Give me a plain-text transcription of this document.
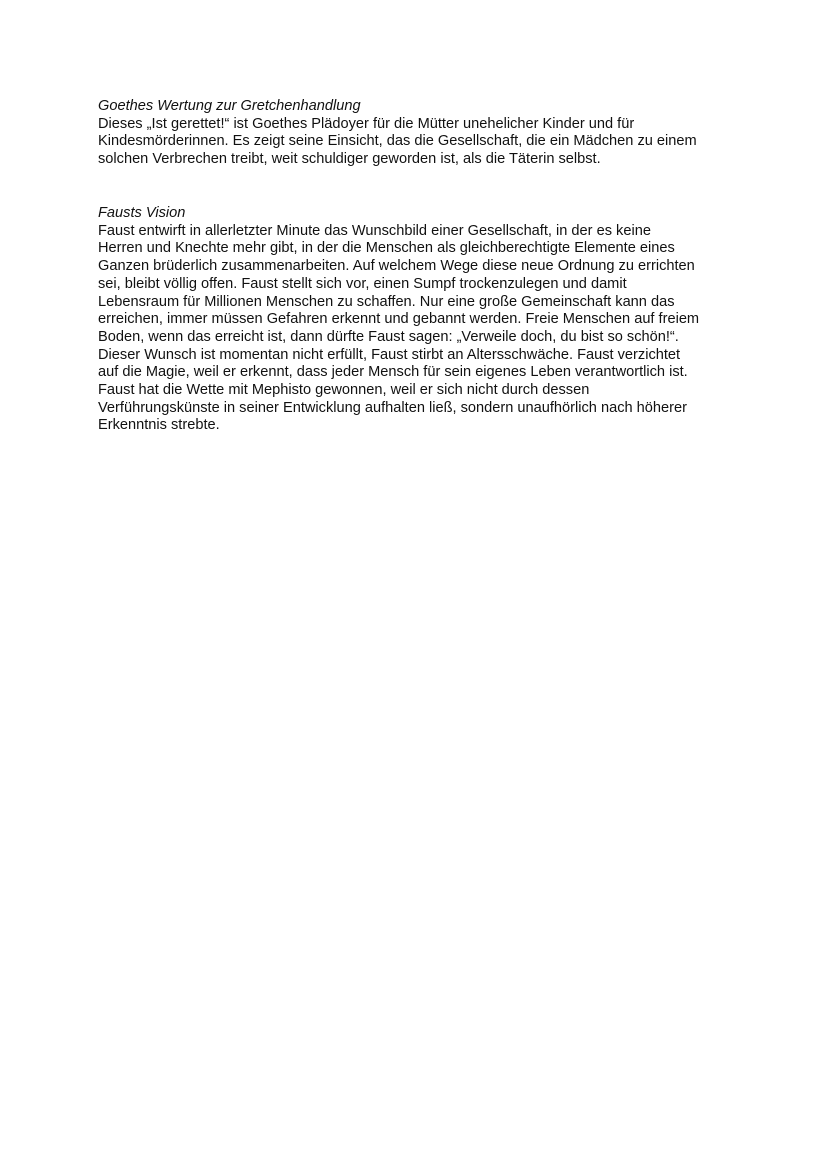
Goethes Wertung zur Gretchenhandlung
Dieses „Ist gerettet!“ ist Goethes Plädoyer für die Mütter unehelicher Kinder und für
Kindesmörderinnen. Es zeigt seine Einsicht, das die Gesellschaft, die ein Mädchen zu einem
solchen Verbrechen treibt, weit schuldiger geworden ist, als die Täterin selbst.
Fausts Vision
Faust entwirft in allerletzter Minute das Wunschbild einer Gesellschaft, in der es keine
Herren und Knechte mehr gibt, in der die Menschen als gleichberechtigte Elemente eines
Ganzen brüderlich zusammenarbeiten. Auf welchem Wege diese neue Ordnung zu errichten
sei, bleibt völlig offen. Faust stellt sich vor, einen Sumpf trockenzulegen und damit
Lebensraum für Millionen Menschen zu schaffen. Nur eine große Gemeinschaft kann das
erreichen, immer müssen Gefahren erkennt und gebannt werden. Freie Menschen auf freiem
Boden, wenn das erreicht ist, dann dürfte Faust sagen: „Verweile doch, du bist so schön!“.
Dieser Wunsch ist momentan nicht erfüllt, Faust stirbt an Altersschwäche. Faust verzichtet
auf die Magie, weil er erkennt, dass jeder Mensch für sein eigenes Leben verantwortlich ist.
Faust hat die Wette mit Mephisto gewonnen, weil er sich nicht durch dessen
Verführungskünste in seiner Entwicklung aufhalten ließ, sondern unaufhörlich nach höherer
Erkenntnis strebte.
